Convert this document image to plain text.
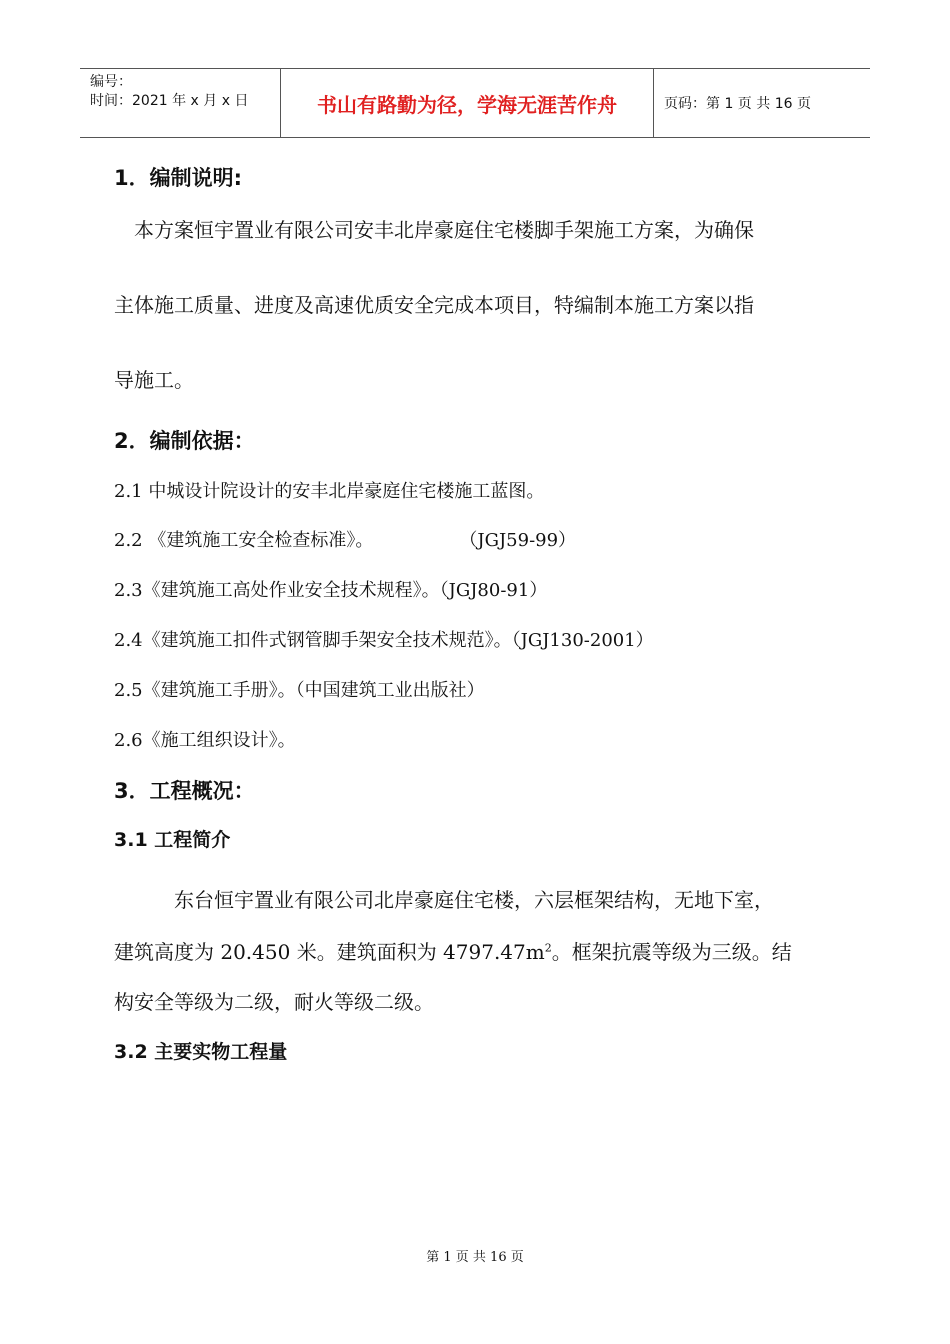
编号：
时间：2021 年 x 月 x 日	书山有路勤为径，学海无涯苦作舟	页码：第 1 页 共 16 页
1．编制说明:
本方案恒宇置业有限公司安丰北岸豪庭住宅楼脚手架施工方案，为确保
主体施工质量、进度及高速优质安全完成本项目，特编制本施工方案以指
导施工。
2．编制依据：
2.1 中城设计院设计的安丰北岸豪庭住宅楼施工蓝图。
2.2 《建筑施工安全检查标准》。	（JGJ59-99）
2.3《建筑施工高处作业安全技术规程》。（JGJ80-91）
2.4《建筑施工扣件式钢管脚手架安全技术规范》。（JGJ130-2001）
2.5《建筑施工手册》。（中国建筑工业出版社）
2.6《施工组织设计》。
3．工程概况：
3.1 工程简介
东台恒宇置业有限公司北岸豪庭住宅楼，六层框架结构，无地下室，
建筑高度为 20.450 米。建筑面积为 $4797.47m^2$。框架抗震等级为三级。结
构安全等级为二级，耐火等级二级。
3.2 主要实物工程量
第 1 页 共 16 页
